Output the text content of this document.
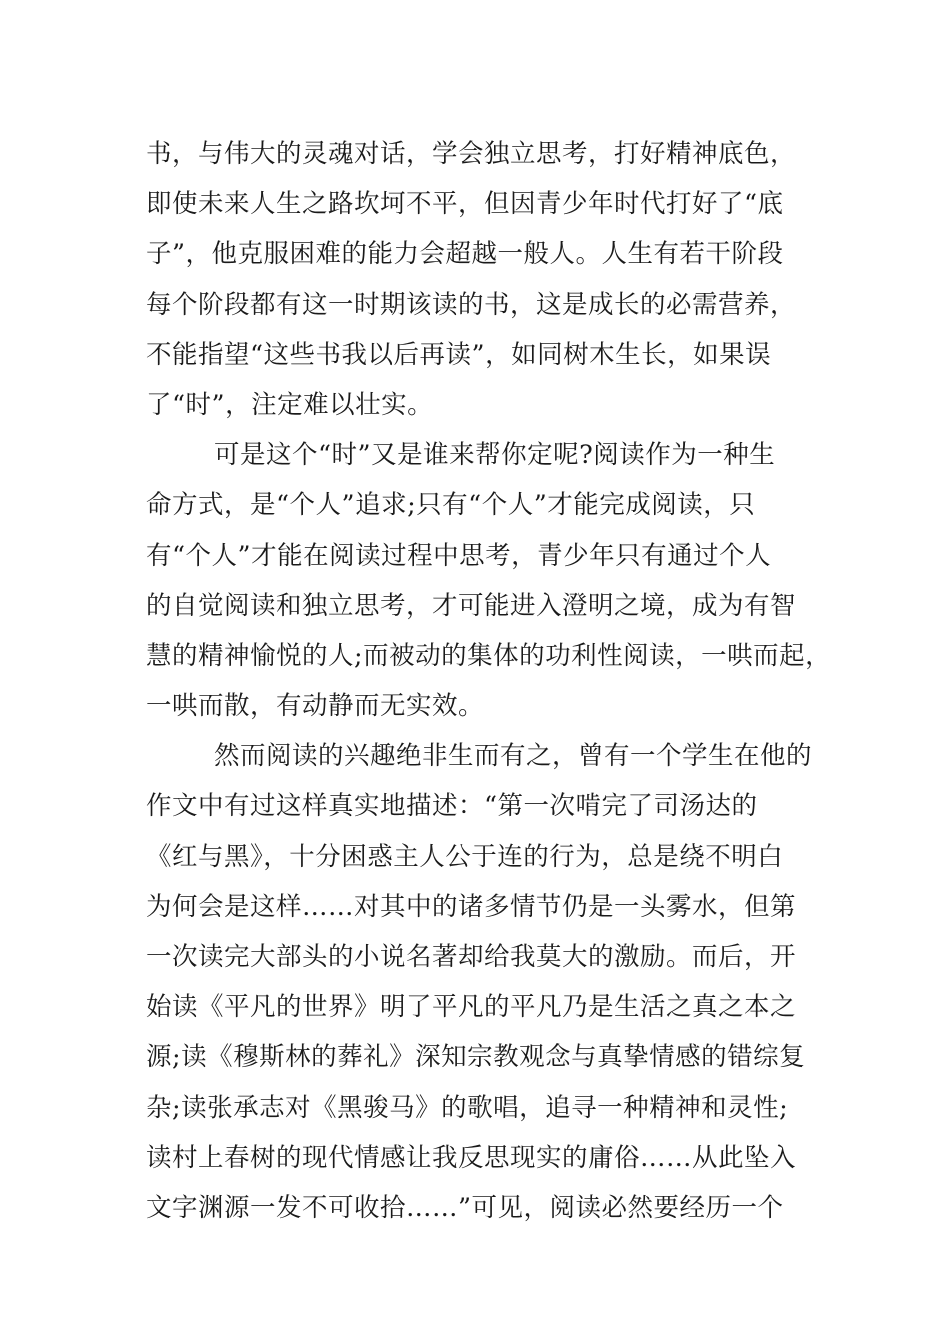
书，与伟大的灵魂对话，学会独立思考，打好精神底色，
即使未来人生之路坎坷不平，但因青少年时代打好了“底
子”，他克服困难的能力会超越一般人。人生有若干阶段
每个阶段都有这一时期该读的书，这是成长的必需营养，
不能指望“这些书我以后再读”，如同树木生长，如果误
了“时”，注定难以壮实。
可是这个“时”又是谁来帮你定呢?阅读作为一种生
命方式，是“个人”追求;只有“个人”才能完成阅读，只
有“个人”才能在阅读过程中思考，青少年只有通过个人
的自觉阅读和独立思考，才可能进入澄明之境，成为有智
慧的精神愉悦的人;而被动的集体的功利性阅读，一哄而起，
一哄而散，有动静而无实效。
然而阅读的兴趣绝非生而有之，曾有一个学生在他的
作文中有过这样真实地描述：“第一次啃完了司汤达的
《红与黑》，十分困惑主人公于连的行为，总是绕不明白
为何会是这样……对其中的诸多情节仍是一头雾水，但第
一次读完大部头的小说名著却给我莫大的激励。而后，开
始读《平凡的世界》明了平凡的平凡乃是生活之真之本之
源;读《穆斯林的葬礼》深知宗教观念与真挚情感的错综复
杂;读张承志对《黑骏马》的歌唱，追寻一种精神和灵性;
读村上春树的现代情感让我反思现实的庸俗……从此坠入
文字渊源一发不可收拾……”可见，阅读必然要经历一个
